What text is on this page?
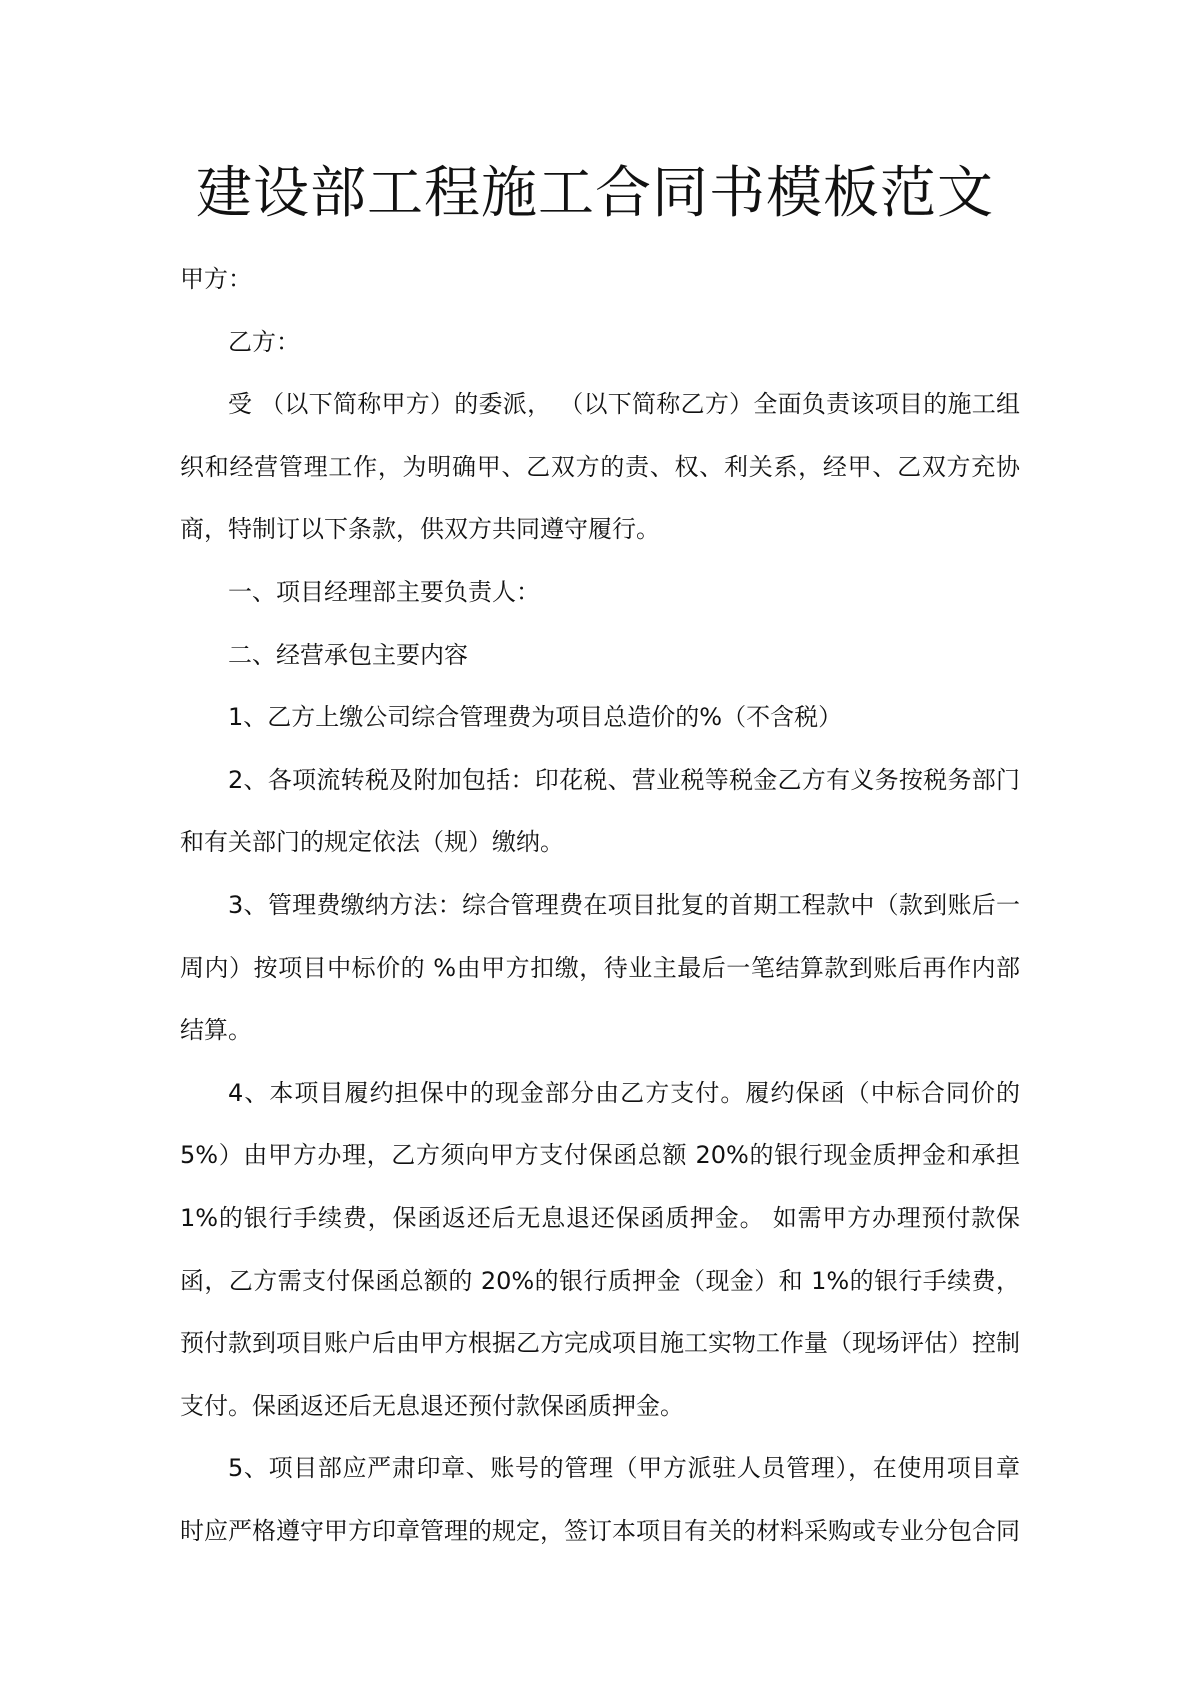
建设部工程施工合同书模板范文

甲方：

乙方：

受 （以下简称甲方）的委派， （以下简称乙方）全面负责该项目的施工组织和经营管理工作，为明确甲、乙双方的责、权、利关系，经甲、乙双方充协商，特制订以下条款，供双方共同遵守履行。

一、项目经理部主要负责人：

二、经营承包主要内容

1、乙方上缴公司综合管理费为项目总造价的%（不含税）

2、各项流转税及附加包括：印花税、营业税等税金乙方有义务按税务部门和有关部门的规定依法（规）缴纳。

3、管理费缴纳方法：综合管理费在项目批复的首期工程款中（款到账后一周内）按项目中标价的 %由甲方扣缴，待业主最后一笔结算款到账后再作内部结算。

4、本项目履约担保中的现金部分由乙方支付。履约保函（中标合同价的 5%）由甲方办理，乙方须向甲方支付保函总额 20%的银行现金质押金和承担 1%的银行手续费，保函返还后无息退还保函质押金。 如需甲方办理预付款保函，乙方需支付保函总额的 20%的银行质押金（现金）和 1%的银行手续费，预付款到项目账户后由甲方根据乙方完成项目施工实物工作量（现场评估）控制支付。保函返还后无息退还预付款保函质押金。

5、项目部应严肃印章、账号的管理（甲方派驻人员管理），在使用项目章时应严格遵守甲方印章管理的规定，签订本项目有关的材料采购或专业分包合同
